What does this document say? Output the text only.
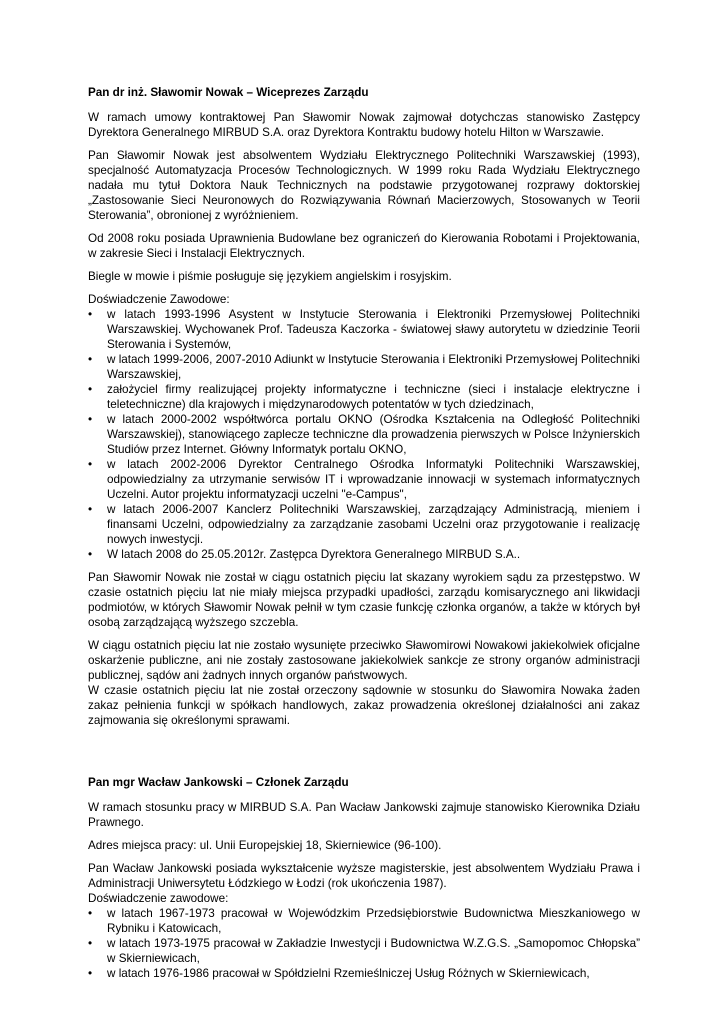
Pan dr inż. Sławomir Nowak – Wiceprezes Zarządu

W ramach umowy kontraktowej Pan Sławomir Nowak zajmował dotychczas stanowisko Zastępcy Dyrektora Generalnego MIRBUD S.A. oraz Dyrektora Kontraktu budowy hotelu Hilton w Warszawie.

Pan Sławomir Nowak jest absolwentem Wydziału Elektrycznego Politechniki Warszawskiej (1993), specjalność Automatyzacja Procesów Technologicznych. W 1999 roku Rada Wydziału Elektrycznego nadała mu tytuł Doktora Nauk Technicznych na podstawie przygotowanej rozprawy doktorskiej „Zastosowanie Sieci Neuronowych do Rozwiązywania Równań Macierzowych, Stosowanych w Teorii Sterowania”, obronionej z wyróżnieniem.

Od 2008 roku posiada Uprawnienia Budowlane bez ograniczeń do Kierowania Robotami i Projektowania, w zakresie Sieci i Instalacji Elektrycznych.

Biegle w mowie i piśmie posługuje się językiem angielskim i rosyjskim.

Doświadczenie Zawodowe:

•	w latach 1993-1996 Asystent w Instytucie Sterowania i Elektroniki Przemysłowej Politechniki Warszawskiej. Wychowanek Prof. Tadeusza Kaczorka - światowej sławy autorytetu w dziedzinie Teorii Sterowania i Systemów,
•	w latach 1999-2006, 2007-2010 Adiunkt w Instytucie Sterowania i Elektroniki Przemysłowej Politechniki Warszawskiej,
•	założyciel firmy realizującej projekty informatyczne i techniczne (sieci i instalacje elektryczne i teletechniczne) dla krajowych i międzynarodowych potentatów w tych dziedzinach,
•	w latach 2000-2002 współtwórca portalu OKNO (Ośrodka Kształcenia na Odległość Politechniki Warszawskiej), stanowiącego zaplecze techniczne dla prowadzenia pierwszych w Polsce Inżynierskich Studiów przez Internet. Główny Informatyk portalu OKNO,
•	w latach 2002-2006 Dyrektor Centralnego Ośrodka Informatyki Politechniki Warszawskiej, odpowiedzialny za utrzymanie serwisów IT i wprowadzanie innowacji w systemach informatycznych Uczelni. Autor projektu informatyzacji uczelni "e-Campus",
•	w latach 2006-2007 Kanclerz Politechniki Warszawskiej, zarządzający Administracją, mieniem i finansami Uczelni, odpowiedzialny za zarządzanie zasobami Uczelni oraz przygotowanie i realizację nowych inwestycji.
•	W latach 2008 do 25.05.2012r. Zastępca Dyrektora Generalnego MIRBUD S.A..

Pan Sławomir Nowak nie został w ciągu ostatnich pięciu lat skazany wyrokiem sądu za przestępstwo. W czasie ostatnich pięciu lat nie miały miejsca przypadki upadłości, zarządu komisarycznego ani likwidacji podmiotów, w których Sławomir Nowak pełnił w tym czasie funkcję członka organów, a także w których był osobą zarządzającą wyższego szczebla.

W ciągu ostatnich pięciu lat nie zostało wysunięte przeciwko Sławomirowi Nowakowi jakiekolwiek oficjalne oskarżenie publiczne, ani nie zostały zastosowane jakiekolwiek sankcje ze strony organów administracji publicznej, sądów ani żadnych innych organów państwowych.

W czasie ostatnich pięciu lat nie został orzeczony sądownie w stosunku do Sławomira Nowaka żaden zakaz pełnienia funkcji w spółkach handlowych, zakaz prowadzenia określonej działalności ani zakaz zajmowania się określonymi sprawami.

Pan mgr Wacław Jankowski – Członek Zarządu

W ramach stosunku pracy w MIRBUD S.A. Pan Wacław Jankowski zajmuje stanowisko Kierownika Działu Prawnego.

Adres miejsca pracy: ul. Unii Europejskiej 18, Skierniewice (96-100).

Pan Wacław Jankowski posiada wykształcenie wyższe magisterskie, jest absolwentem Wydziału Prawa i Administracji Uniwersytetu Łódzkiego w Łodzi (rok ukończenia 1987).

Doświadczenie zawodowe:

•	w latach 1967-1973 pracował w Wojewódzkim Przedsiębiorstwie Budownictwa Mieszkaniowego w Rybniku i Katowicach,
•	w latach 1973-1975 pracował w Zakładzie Inwestycji i Budownictwa W.Z.G.S. „Samopomoc Chłopska” w Skierniewicach,
•	w latach 1976-1986 pracował w Spółdzielni Rzemieślniczej Usług Różnych w Skierniewicach,
